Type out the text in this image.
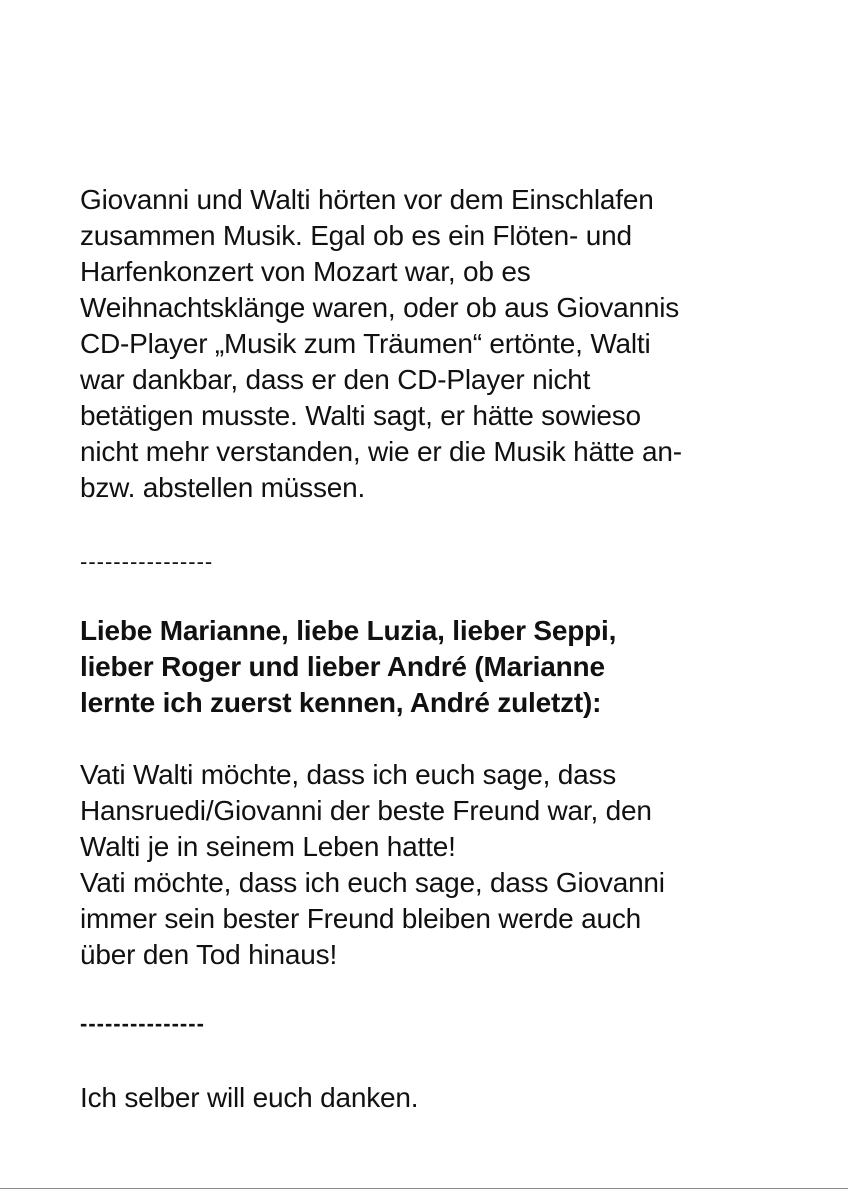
Giovanni und Walti hörten vor dem Einschlafen
zusammen Musik. Egal ob es ein Flöten- und
Harfenkonzert von Mozart war, ob es
Weihnachtsklänge waren, oder ob aus Giovannis
CD-Player „Musik zum Träumen“ ertönte, Walti
war dankbar, dass er den CD-Player nicht
betätigen musste. Walti sagt, er hätte sowieso
nicht mehr verstanden, wie er die Musik hätte an-
bzw. abstellen müssen.
----------------
Liebe Marianne, liebe Luzia, lieber Seppi,
lieber Roger und lieber André (Marianne
lernte ich zuerst kennen, André zuletzt):
Vati Walti möchte, dass ich euch sage, dass
Hansruedi/Giovanni der beste Freund war, den
Walti je in seinem Leben hatte!
Vati möchte, dass ich euch sage, dass Giovanni
immer sein bester Freund bleiben werde auch
über den Tod hinaus!
---------------
Ich selber will euch danken.
